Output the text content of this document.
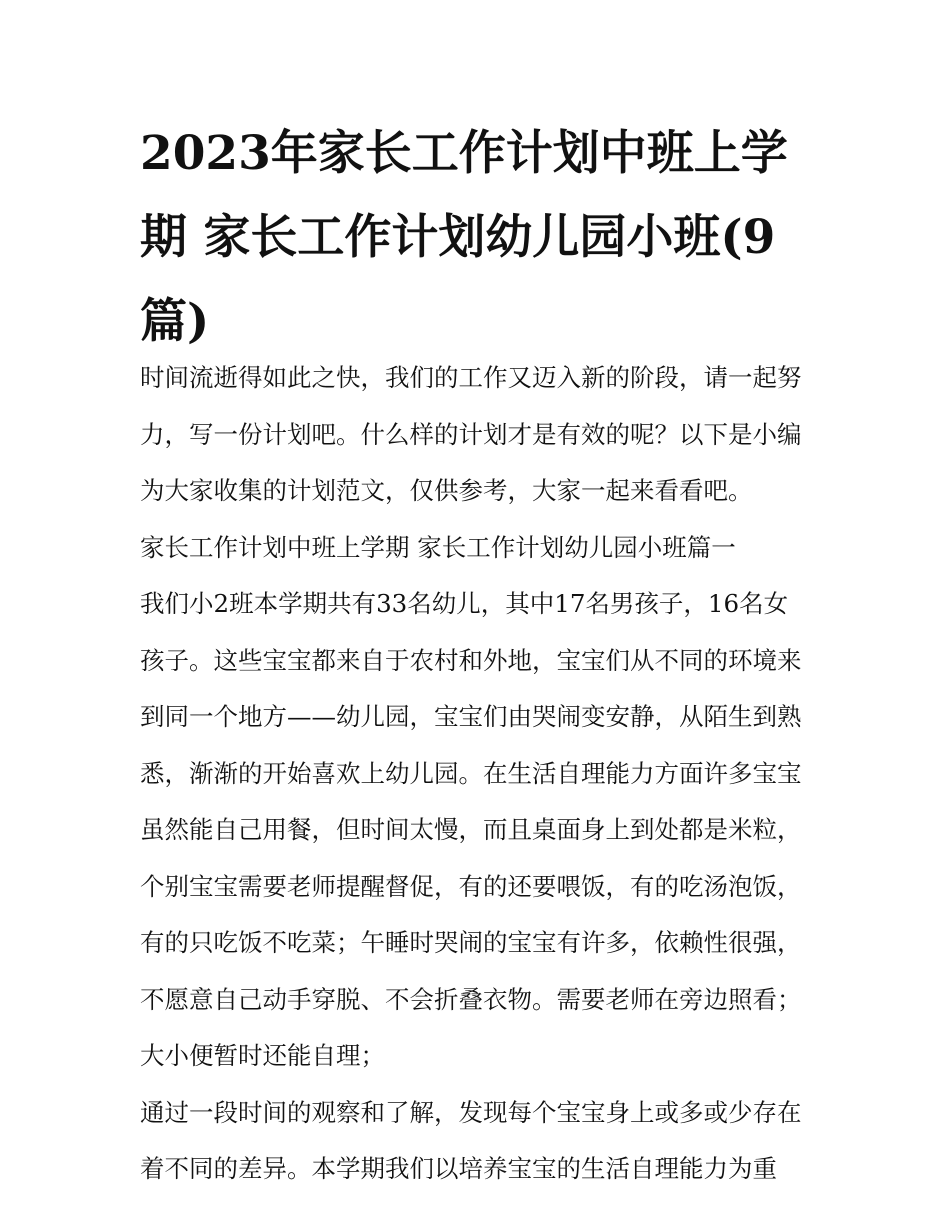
2023年家长工作计划中班上学
期 家长工作计划幼儿园小班(9
篇)
时间流逝得如此之快，我们的工作又迈入新的阶段，请一起努
力，写一份计划吧。什么样的计划才是有效的呢？以下是小编
为大家收集的计划范文，仅供参考，大家一起来看看吧。
家长工作计划中班上学期 家长工作计划幼儿园小班篇一
我们小2班本学期共有33名幼儿，其中17名男孩子，16名女
孩子。这些宝宝都来自于农村和外地，宝宝们从不同的环境来
到同一个地方——幼儿园，宝宝们由哭闹变安静，从陌生到熟
悉，渐渐的开始喜欢上幼儿园。在生活自理能力方面许多宝宝
虽然能自己用餐，但时间太慢，而且桌面身上到处都是米粒，
个别宝宝需要老师提醒督促，有的还要喂饭，有的吃汤泡饭，
有的只吃饭不吃菜；午睡时哭闹的宝宝有许多，依赖性很强，
不愿意自己动手穿脱、不会折叠衣物。需要老师在旁边照看；
大小便暂时还能自理；
通过一段时间的观察和了解，发现每个宝宝身上或多或少存在
着不同的差异。本学期我们以培养宝宝的生活自理能力为重
